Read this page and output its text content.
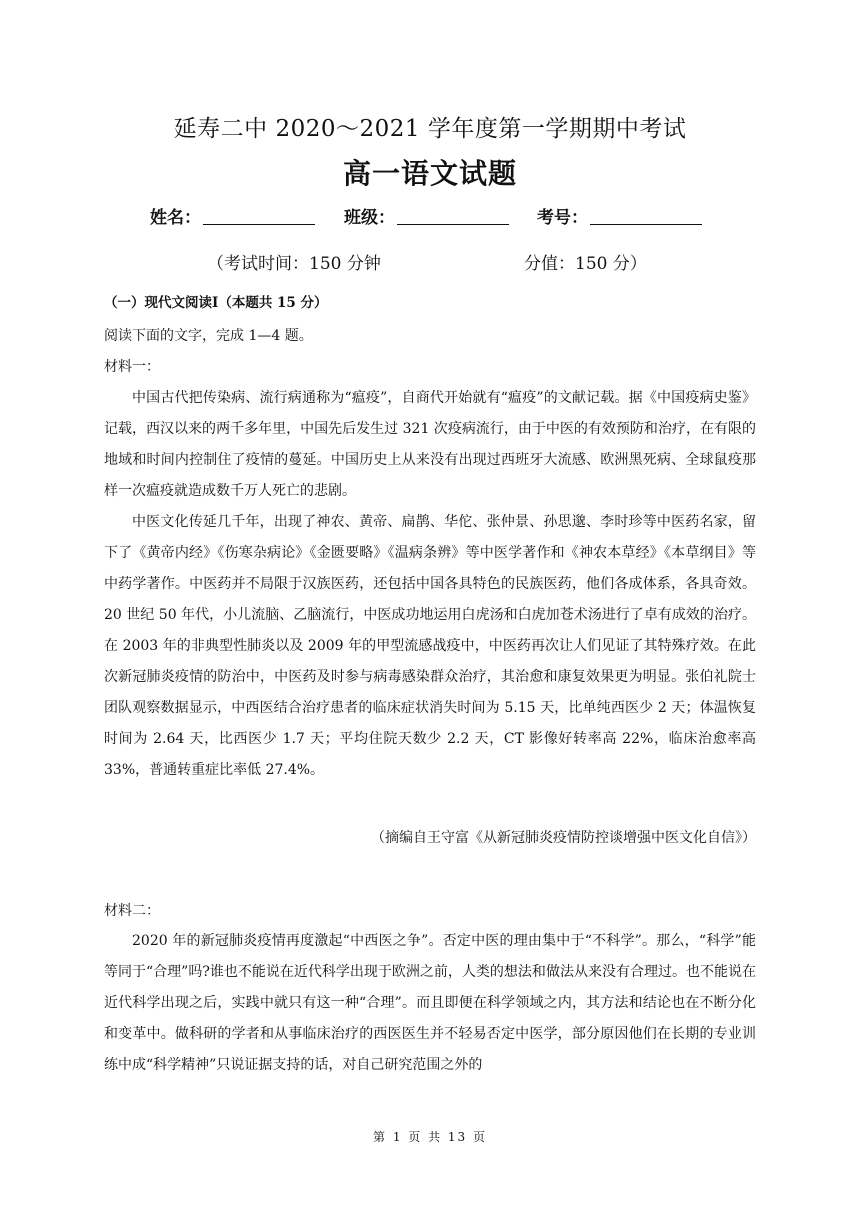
延寿二中 2020～2021 学年度第一学期期中考试
高一语文试题
姓名：	班级：	考号：
（考试时间：150 分钟	分值：150 分）
（一）现代文阅读Ⅰ（本题共 15 分）
阅读下面的文字，完成 1—4 题。
材料一：

中国古代把传染病、流行病通称为“瘟疫”，自商代开始就有“瘟疫”的文献记载。据《中国疫病史鉴》记载，西汉以来的两千多年里，中国先后发生过 321 次疫病流行，由于中医的有效预防和治疗，在有限的地域和时间内控制住了疫情的蔓延。中国历史上从来没有出现过西班牙大流感、欧洲黑死病、全球鼠疫那样一次瘟疫就造成数千万人死亡的悲剧。

中医文化传延几千年，出现了神农、黄帝、扁鹊、华佗、张仲景、孙思邈、李时珍等中医药名家，留下了《黄帝内经》《伤寒杂病论》《金匮要略》《温病条辨》等中医学著作和《神农本草经》《本草纲目》等中药学著作。中医药并不局限于汉族医药，还包括中国各具特色的民族医药，他们各成体系，各具奇效。20 世纪 50 年代，小儿流脑、乙脑流行，中医成功地运用白虎汤和白虎加苍术汤进行了卓有成效的治疗。在 2003 年的非典型性肺炎以及 2009 年的甲型流感战疫中，中医药再次让人们见证了其特殊疗效。在此次新冠肺炎疫情的防治中，中医药及时参与病毒感染群众治疗，其治愈和康复效果更为明显。张伯礼院士团队观察数据显示，中西医结合治疗患者的临床症状消失时间为 5.15 天，比单纯西医少 2 天；体温恢复时间为 2.64 天，比西医少 1.7 天；平均住院天数少 2.2 天，CT 影像好转率高 22%，临床治愈率高 33%，普通转重症比率低 27.4%。

（摘编自王守富《从新冠肺炎疫情防控谈增强中医文化自信》）
材料二：

2020 年的新冠肺炎疫情再度激起“中西医之争”。否定中医的理由集中于“不科学”。那么，“科学”能等同于“合理”吗?谁也不能说在近代科学出现于欧洲之前，人类的想法和做法从来没有合理过。也不能说在近代科学出现之后，实践中就只有这一种“合理”。而且即便在科学领域之内，其方法和结论也在不断分化和变革中。做科研的学者和从事临床治疗的西医医生并不轻易否定中医学，部分原因他们在长期的专业训练中成“科学精神”只说证据支持的话，对自己研究范围之外的

第 1 页 共 13 页
